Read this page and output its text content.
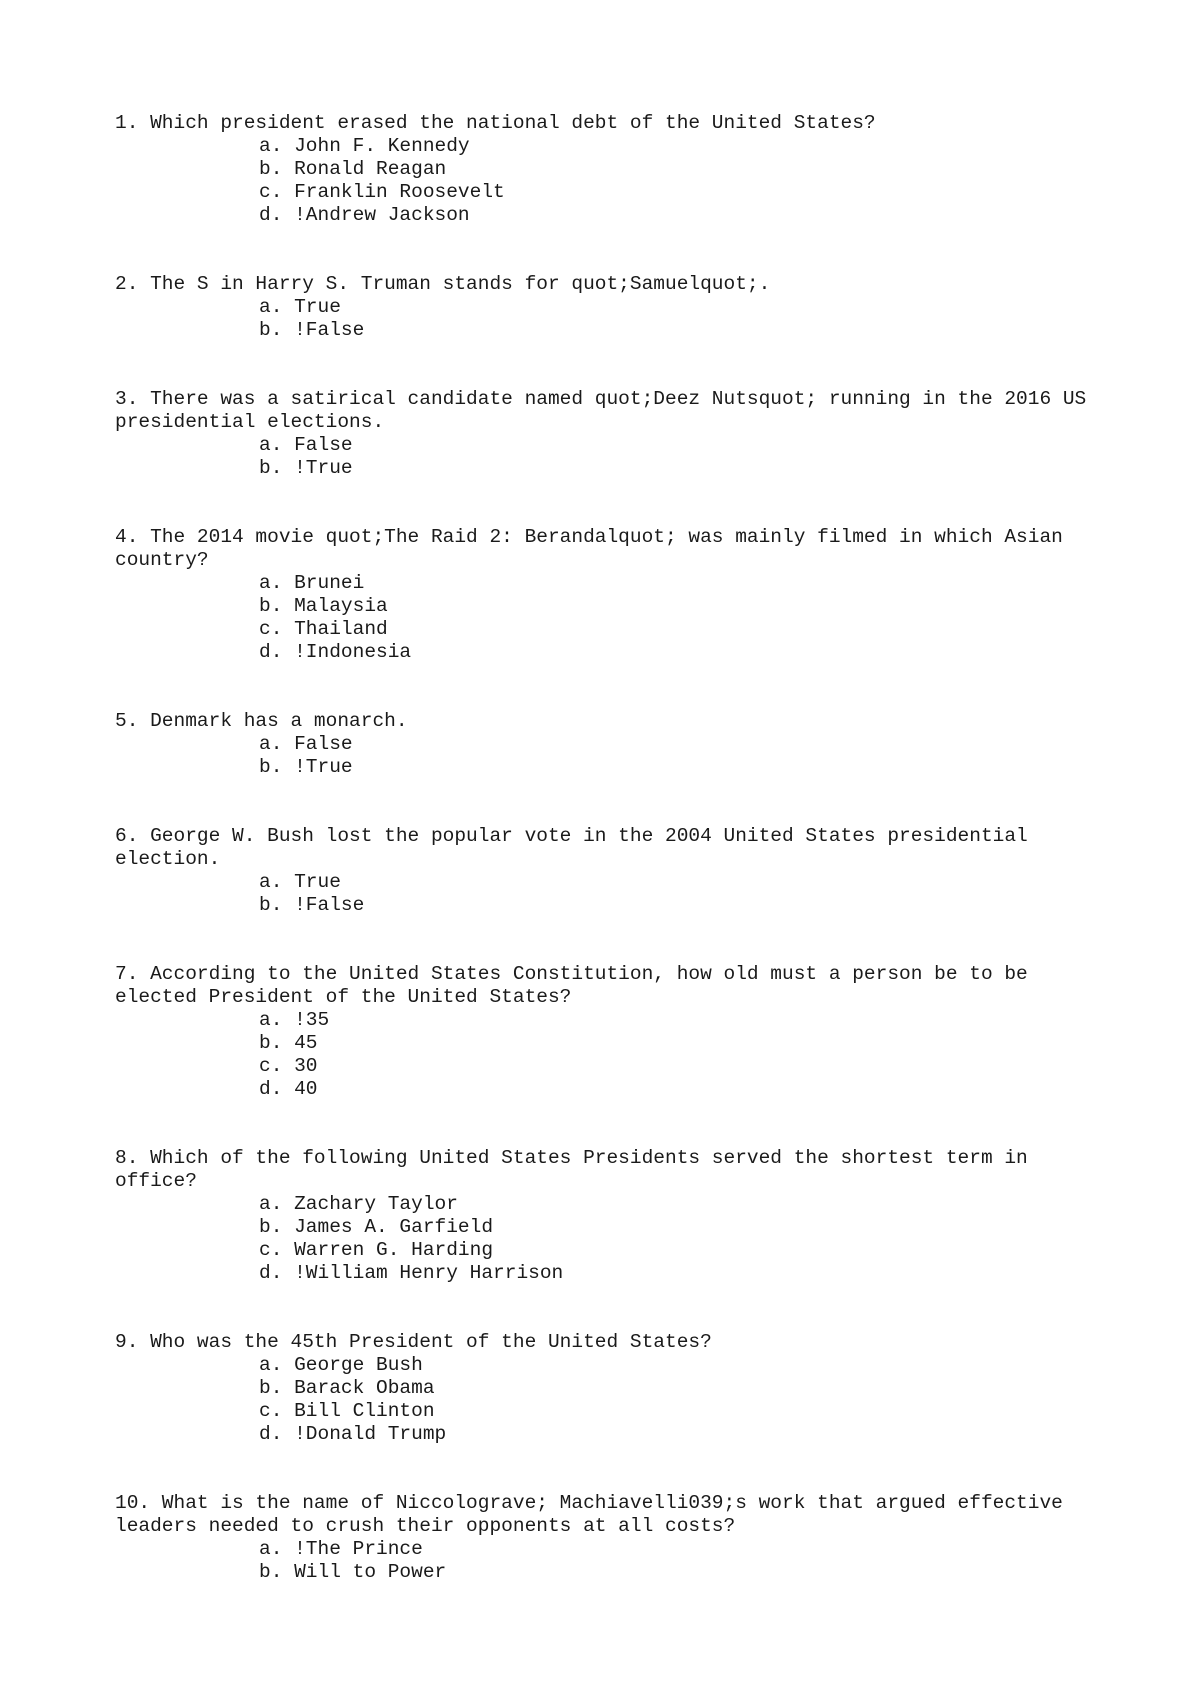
1. Which president erased the national debt of the United States?
a. John F. Kennedy
b. Ronald Reagan
c. Franklin Roosevelt
d. !Andrew Jackson
2. The S in Harry S. Truman stands for quot;Samuelquot;.
a. True
b. !False
3. There was a satirical candidate named quot;Deez Nutsquot; running in the 2016 US presidential elections.
a. False
b. !True
4. The 2014 movie quot;The Raid 2: Berandalquot; was mainly filmed in which Asian country?
a. Brunei
b. Malaysia
c. Thailand
d. !Indonesia
5. Denmark has a monarch.
a. False
b. !True
6. George W. Bush lost the popular vote in the 2004 United States presidential election.
a. True
b. !False
7. According to the United States Constitution, how old must a person be to be elected President of the United States?
a. !35
b. 45
c. 30
d. 40
8. Which of the following United States Presidents served the shortest term in office?
a. Zachary Taylor
b. James A. Garfield
c. Warren G. Harding
d. !William Henry Harrison
9. Who was the 45th President of the United States?
a. George Bush
b. Barack Obama
c. Bill Clinton
d. !Donald Trump
10. What is the name of Niccolograve; Machiavelli039;s work that argued effective leaders needed to crush their opponents at all costs?
a. !The Prince
b. Will to Power
